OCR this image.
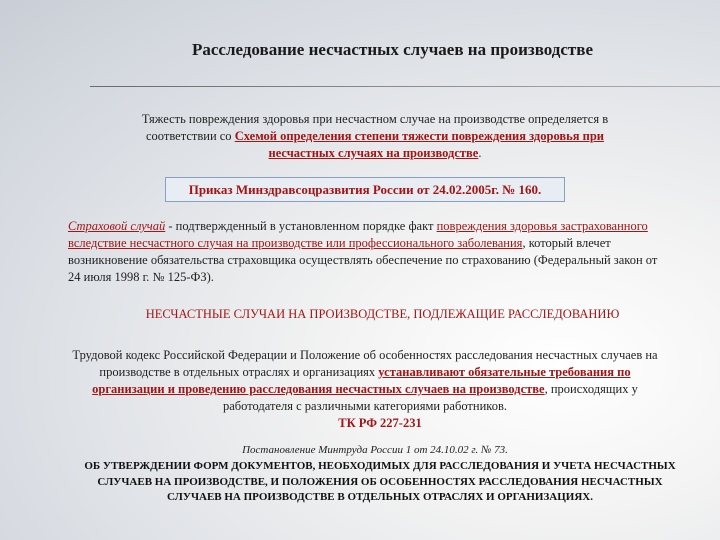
Расследование несчастных случаев на производстве
Тяжесть повреждения здоровья при несчастном случае на производстве определяется в соответствии со Схемой определения степени тяжести повреждения здоровья при несчастных случаях на производстве.
Приказ Минздравсоцразвития России от 24.02.2005г. № 160.
Страховой случай - подтвержденный в установленном порядке факт повреждения здоровья застрахованного вследствие несчастного случая на производстве или профессионального заболевания, который влечет возникновение обязательства страховщика осуществлять обеспечение по страхованию (Федеральный закон от 24 июля 1998 г. № 125-ФЗ).
НЕСЧАСТНЫЕ СЛУЧАИ НА ПРОИЗВОДСТВЕ, ПОДЛЕЖАЩИЕ РАССЛЕДОВАНИЮ
Трудовой кодекс Российской Федерации и Положение об особенностях расследования несчастных случаев на производстве в отдельных отраслях и организациях устанавливают обязательные требования по организации и проведению расследования несчастных случаев на производстве, происходящих у работодателя с различными категориями работников.
ТК РФ 227-231
Постановление Минтруда России 1 от 24.10.02 г. № 73.
ОБ УТВЕРЖДЕНИИ ФОРМ ДОКУМЕНТОВ, НЕОБХОДИМЫХ ДЛЯ РАССЛЕДОВАНИЯ И УЧЕТА НЕСЧАСТНЫХ СЛУЧАЕВ НА ПРОИЗВОДСТВЕ, И ПОЛОЖЕНИЯ ОБ ОСОБЕННОСТЯХ РАССЛЕДОВАНИЯ НЕСЧАСТНЫХ СЛУЧАЕВ НА ПРОИЗВОДСТВЕ В ОТДЕЛЬНЫХ ОТРАСЛЯХ И ОРГАНИЗАЦИЯХ.
